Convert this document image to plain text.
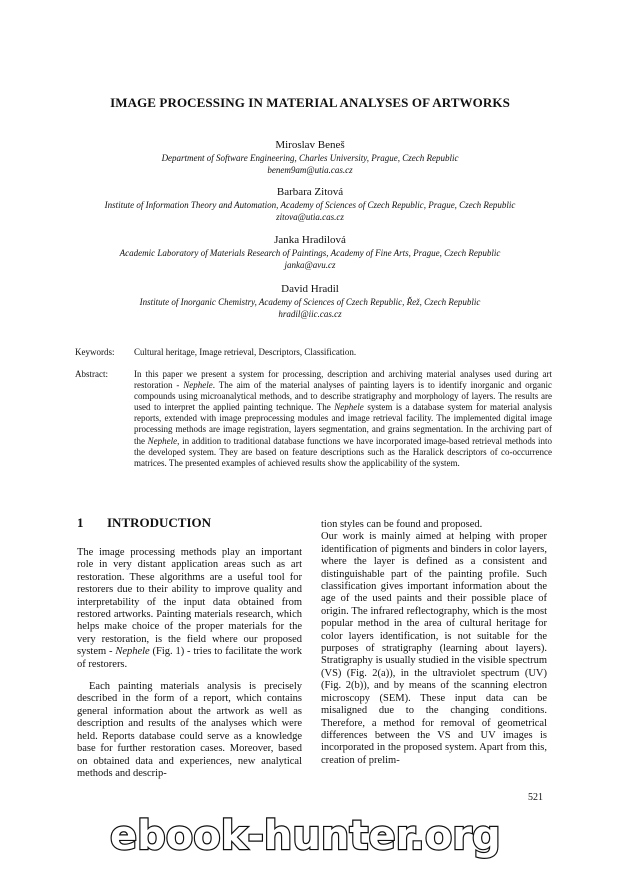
IMAGE PROCESSING IN MATERIAL ANALYSES OF ARTWORKS
Miroslav Beneš
Department of Software Engineering, Charles University, Prague, Czech Republic
benem9am@utia.cas.cz
Barbara Zitová
Institute of Information Theory and Automation, Academy of Sciences of Czech Republic, Prague, Czech Republic
zitova@utia.cas.cz
Janka Hradilová
Academic Laboratory of Materials Research of Paintings, Academy of Fine Arts, Prague, Czech Republic
janka@avu.cz
David Hradil
Institute of Inorganic Chemistry, Academy of Sciences of Czech Republic, Řež, Czech Republic
hradil@iic.cas.cz
Keywords: Cultural heritage, Image retrieval, Descriptors, Classification.
Abstract:	In this paper we present a system for processing, description and archiving material analyses used during art restoration - Nephele. The aim of the material analyses of painting layers is to identify inorganic and organic compounds using microanalytical methods, and to describe stratigraphy and morphology of layers. The results are used to interpret the applied painting technique. The Nephele system is a database system for material analysis reports, extended with image preprocessing modules and image retrieval facility. The implemented digital image processing methods are image registration, layers segmentation, and grains segmentation. In the archiving part of the Nephele, in addition to traditional database functions we have incorporated image-based retrieval methods into the developed system. They are based on feature descriptions such as the Haralick descriptors of co-occurrence matrices. The presented examples of achieved results show the applicability of the system.
1 INTRODUCTION

The image processing methods play an important role in very distant application areas such as art restoration. These algorithms are a useful tool for restorers due to their ability to improve quality and interpretability of the input data obtained from restored artworks. Painting materials research, which helps make choice of the proper materials for the very restoration, is the field where our proposed system - Nephele (Fig. 1) - tries to facilitate the work of restorers.

Each painting materials analysis is precisely described in the form of a report, which contains general information about the artwork as well as description and results of the analyses which were held. Reports database could serve as a knowledge base for further restoration cases. Moreover, based on obtained data and experiences, new analytical methods and descrip-

tion styles can be found and proposed.

Our work is mainly aimed at helping with proper identification of pigments and binders in color layers, where the layer is defined as a consistent and distinguishable part of the painting profile. Such classification gives important information about the age of the used paints and their possible place of origin. The infrared reflectography, which is the most popular method in the area of cultural heritage for color layers identification, is not suitable for the purposes of stratigraphy (learning about layers). Stratigraphy is usually studied in the visible spectrum (VS) (Fig. 2(a)), in the ultraviolet spectrum (UV) (Fig. 2(b)), and by means of the scanning electron microscopy (SEM). These input data can be misaligned due to the changing conditions. Therefore, a method for removal of geometrical differences between the VS and UV images is incorporated in the proposed system. Apart from this, creation of prelim-

521
ebook-hunter.org
